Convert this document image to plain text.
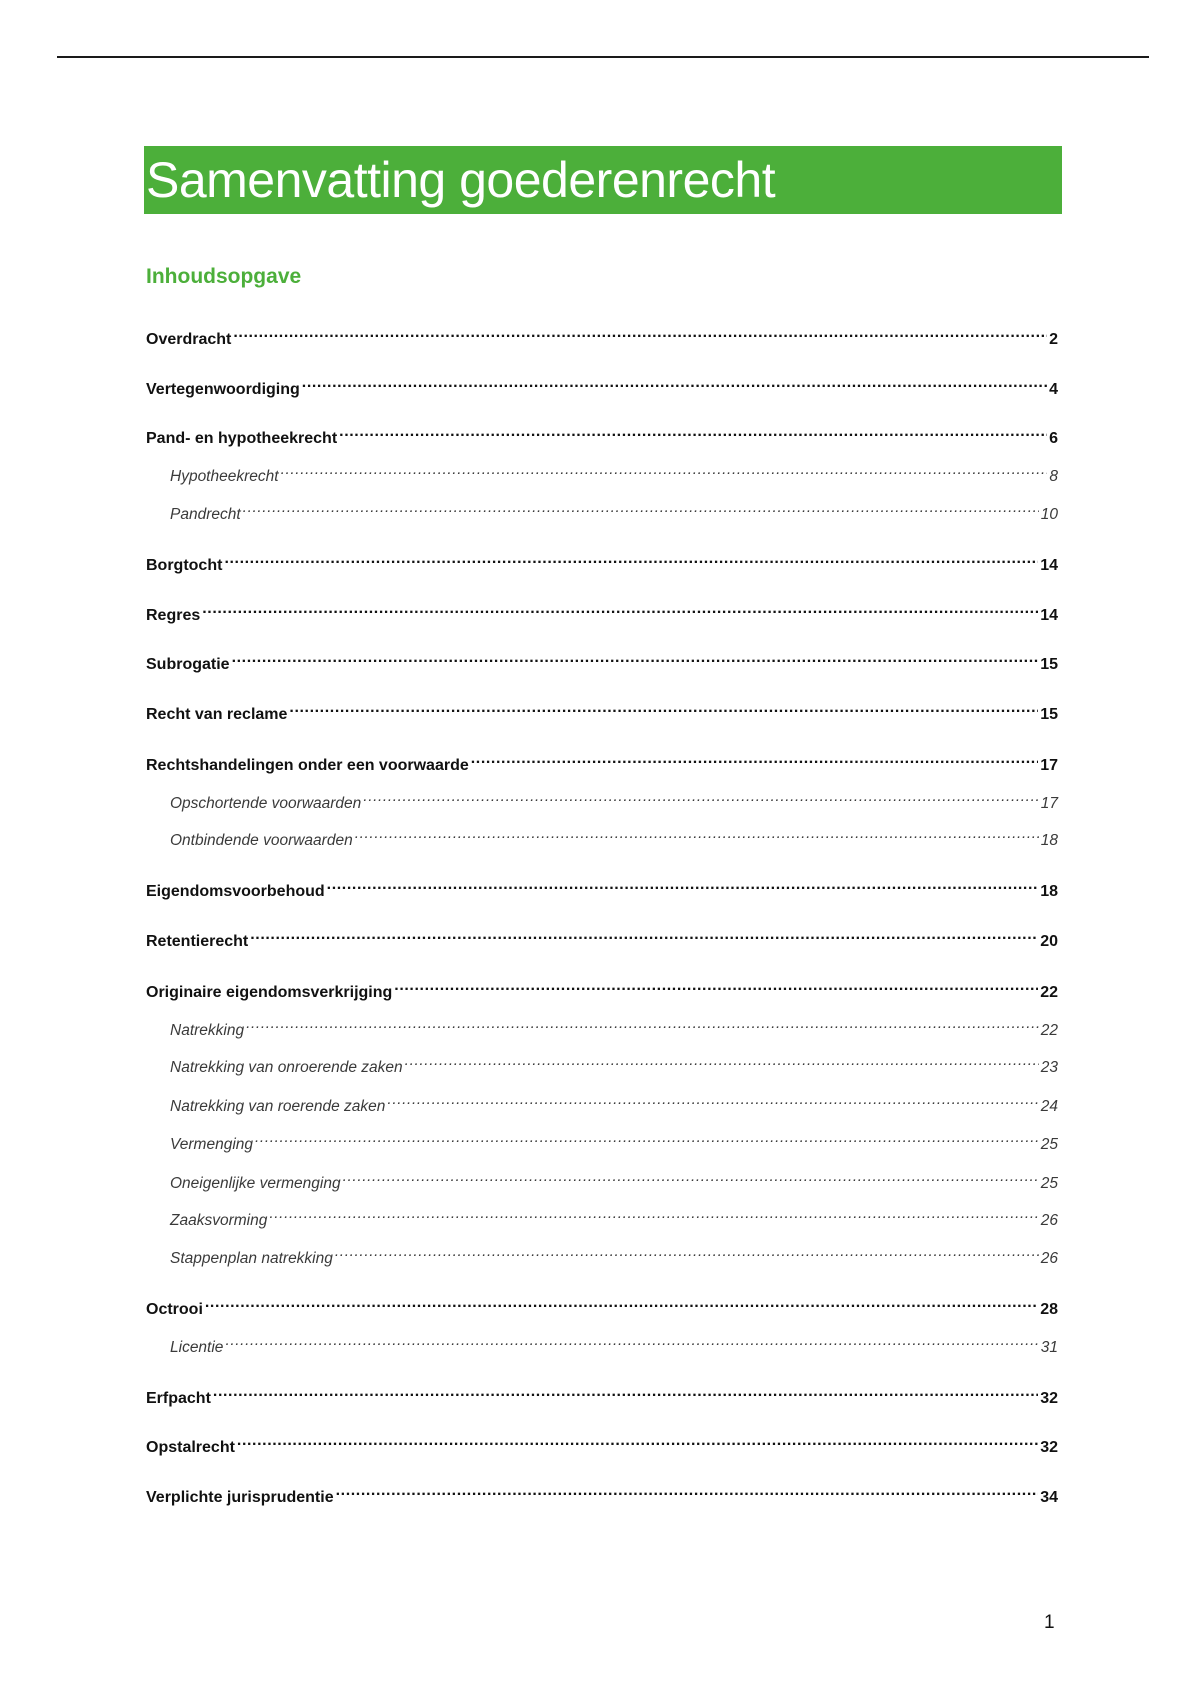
Samenvatting goederenrecht
Inhoudsopgave
Overdracht .....	2
Vertegenwoordiging .....	4
Pand- en hypotheekrecht .....	6
Hypotheekrecht .....	8
Pandrecht .....	10
Borgtocht .....	14
Regres .....	14
Subrogatie .....	15
Recht van reclame .....	15
Rechtshandelingen onder een voorwaarde .....	17
Opschortende voorwaarden .....	17
Ontbindende voorwaarden .....	18
Eigendomsvoorbehoud .....	18
Retentierecht .....	20
Originaire eigendomsverkrijging .....	22
Natrekking .....	22
Natrekking van onroerende zaken .....	23
Natrekking van roerende zaken .....	24
Vermenging .....	25
Oneigenlijke vermenging .....	25
Zaaksvorming .....	26
Stappenplan natrekking .....	26
Octrooi .....	28
Licentie .....	31
Erfpacht .....	32
Opstalrecht .....	32
Verplichte jurisprudentie .....	34
1
